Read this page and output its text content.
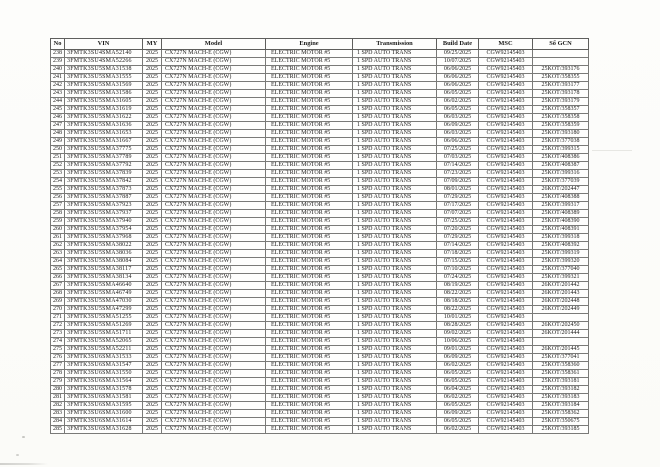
No	VIN	MY	Model	Engine	Transmission	Build Date	MSC	Số GCN
238	3FMTK3SU4SMA52140	2025	CX727N MACH-E (CGW)	ELECTRIC MOTOR #5	1 SPD AUTO TRANS	09/25/2025	CGW92145403	
239	3FMTK3SU4SMA52266	2025	CX727N MACH-E (CGW)	ELECTRIC MOTOR #5	1 SPD AUTO TRANS	10/07/2025	CGW92145403	
240	3FMTK3SU5SMA31538	2025	CX727N MACH-E (CGW)	ELECTRIC MOTOR #5	1 SPD AUTO TRANS	06/06/2025	CGW92145403	25KOT/393176
241	3FMTK3SU5SMA31555	2025	CX727N MACH-E (CGW)	ELECTRIC MOTOR #5	1 SPD AUTO TRANS	06/06/2025	CGW92145403	25KOT/358355
242	3FMTK3SU5SMA31569	2025	CX727N MACH-E (CGW)	ELECTRIC MOTOR #5	1 SPD AUTO TRANS	06/06/2025	CGW92145403	25KOT/393177
243	3FMTK3SU5SMA31586	2025	CX727N MACH-E (CGW)	ELECTRIC MOTOR #5	1 SPD AUTO TRANS	06/05/2025	CGW92145403	25KOT/393178
244	3FMTK3SU5SMA31605	2025	CX727N MACH-E (CGW)	ELECTRIC MOTOR #5	1 SPD AUTO TRANS	06/02/2025	CGW92145403	25KOT/393179
245	3FMTK3SU5SMA31619	2025	CX727N MACH-E (CGW)	ELECTRIC MOTOR #5	1 SPD AUTO TRANS	06/05/2025	CGW92145403	25KOT/358357
246	3FMTK3SU5SMA31622	2025	CX727N MACH-E (CGW)	ELECTRIC MOTOR #5	1 SPD AUTO TRANS	06/03/2025	CGW92145403	25KOT/358358
247	3FMTK3SU5SMA31636	2025	CX727N MACH-E (CGW)	ELECTRIC MOTOR #5	1 SPD AUTO TRANS	06/09/2025	CGW92145403	25KOT/358359
248	3FMTK3SU5SMA31653	2025	CX727N MACH-E (CGW)	ELECTRIC MOTOR #5	1 SPD AUTO TRANS	06/03/2025	CGW92145403	25KOT/393180
249	3FMTK3SU5SMA31667	2025	CX727N MACH-E (CGW)	ELECTRIC MOTOR #5	1 SPD AUTO TRANS	06/06/2025	CGW92145403	25KOT/377038
250	3FMTK3SU5SMA37775	2025	CX727N MACH-E (CGW)	ELECTRIC MOTOR #5	1 SPD AUTO TRANS	07/25/2025	CGW92145403	25KOT/399315
251	3FMTK3SU5SMA37789	2025	CX727N MACH-E (CGW)	ELECTRIC MOTOR #5	1 SPD AUTO TRANS	07/03/2025	CGW92145403	25KOT/408386
252	3FMTK3SU5SMA37792	2025	CX727N MACH-E (CGW)	ELECTRIC MOTOR #5	1 SPD AUTO TRANS	07/14/2025	CGW92145403	25KOT/408387
253	3FMTK3SU5SMA37839	2025	CX727N MACH-E (CGW)	ELECTRIC MOTOR #5	1 SPD AUTO TRANS	07/23/2025	CGW92145403	25KOT/399316
254	3FMTK3SU5SMA37842	2025	CX727N MACH-E (CGW)	ELECTRIC MOTOR #5	1 SPD AUTO TRANS	07/09/2025	CGW92145403	25KOT/377039
255	3FMTK3SU5SMA37873	2025	CX727N MACH-E (CGW)	ELECTRIC MOTOR #5	1 SPD AUTO TRANS	08/01/2025	CGW92145403	26KOT/202447
256	3FMTK3SU5SMA37887	2025	CX727N MACH-E (CGW)	ELECTRIC MOTOR #5	1 SPD AUTO TRANS	07/29/2025	CGW92145403	25KOT/408388
257	3FMTK3SU5SMA37923	2025	CX727N MACH-E (CGW)	ELECTRIC MOTOR #5	1 SPD AUTO TRANS	07/17/2025	CGW92145403	25KOT/399317
258	3FMTK3SU5SMA37937	2025	CX727N MACH-E (CGW)	ELECTRIC MOTOR #5	1 SPD AUTO TRANS	07/07/2025	CGW92145403	25KOT/408389
259	3FMTK3SU5SMA37940	2025	CX727N MACH-E (CGW)	ELECTRIC MOTOR #5	1 SPD AUTO TRANS	07/25/2025	CGW92145403	25KOT/408390
260	3FMTK3SU5SMA37954	2025	CX727N MACH-E (CGW)	ELECTRIC MOTOR #5	1 SPD AUTO TRANS	07/20/2025	CGW92145403	25KOT/408391
261	3FMTK3SU5SMA37968	2025	CX727N MACH-E (CGW)	ELECTRIC MOTOR #5	1 SPD AUTO TRANS	07/29/2025	CGW92145403	25KOT/399318
262	3FMTK3SU5SMA38022	2025	CX727N MACH-E (CGW)	ELECTRIC MOTOR #5	1 SPD AUTO TRANS	07/14/2025	CGW92145403	25KOT/408392
263	3FMTK3SU5SMA38036	2025	CX727N MACH-E (CGW)	ELECTRIC MOTOR #5	1 SPD AUTO TRANS	07/18/2025	CGW92145403	25KOT/399319
264	3FMTK3SU5SMA38084	2025	CX727N MACH-E (CGW)	ELECTRIC MOTOR #5	1 SPD AUTO TRANS	07/15/2025	CGW92145403	25KOT/399320
265	3FMTK3SU5SMA38117	2025	CX727N MACH-E (CGW)	ELECTRIC MOTOR #5	1 SPD AUTO TRANS	07/10/2025	CGW92145403	25KOT/377040
266	3FMTK3SU5SMA38134	2025	CX727N MACH-E (CGW)	ELECTRIC MOTOR #5	1 SPD AUTO TRANS	07/24/2025	CGW92145403	25KOT/399321
267	3FMTK3SU5SMA46640	2025	CX727N MACH-E (CGW)	ELECTRIC MOTOR #5	1 SPD AUTO TRANS	08/19/2025	CGW92145403	26KOT/201442
268	3FMTK3SU5SMA46749	2025	CX727N MACH-E (CGW)	ELECTRIC MOTOR #5	1 SPD AUTO TRANS	08/22/2025	CGW92145403	26KOT/201443
269	3FMTK3SU5SMA47030	2025	CX727N MACH-E (CGW)	ELECTRIC MOTOR #5	1 SPD AUTO TRANS	08/18/2025	CGW92145403	26KOT/202448
270	3FMTK3SU5SMA47299	2025	CX727N MACH-E (CGW)	ELECTRIC MOTOR #5	1 SPD AUTO TRANS	08/22/2025	CGW92145403	26KOT/202449
271	3FMTK3SU5SMA51255	2025	CX727N MACH-E (CGW)	ELECTRIC MOTOR #5	1 SPD AUTO TRANS	10/01/2025	CGW92145403	
272	3FMTK3SU5SMA51269	2025	CX727N MACH-E (CGW)	ELECTRIC MOTOR #5	1 SPD AUTO TRANS	08/28/2025	CGW92145403	26KOT/202450
273	3FMTK3SU5SMA51711	2025	CX727N MACH-E (CGW)	ELECTRIC MOTOR #5	1 SPD AUTO TRANS	09/02/2025	CGW92145403	26KOT/201444
274	3FMTK3SU5SMA52065	2025	CX727N MACH-E (CGW)	ELECTRIC MOTOR #5	1 SPD AUTO TRANS	10/06/2025	CGW92145403	
275	3FMTK3SU5SMA52211	2025	CX727N MACH-E (CGW)	ELECTRIC MOTOR #5	1 SPD AUTO TRANS	09/01/2025	CGW92145403	26KOT/201445
276	3FMTK3SU6SMA31533	2025	CX727N MACH-E (CGW)	ELECTRIC MOTOR #5	1 SPD AUTO TRANS	06/09/2025	CGW92145403	25KOT/377041
277	3FMTK3SU6SMA31547	2025	CX727N MACH-E (CGW)	ELECTRIC MOTOR #5	1 SPD AUTO TRANS	06/02/2025	CGW92145403	25KOT/358360
278	3FMTK3SU6SMA31550	2025	CX727N MACH-E (CGW)	ELECTRIC MOTOR #5	1 SPD AUTO TRANS	06/05/2025	CGW92145403	25KOT/358361
279	3FMTK3SU6SMA31564	2025	CX727N MACH-E (CGW)	ELECTRIC MOTOR #5	1 SPD AUTO TRANS	06/05/2025	CGW92145403	25KOT/393181
280	3FMTK3SU6SMA31578	2025	CX727N MACH-E (CGW)	ELECTRIC MOTOR #5	1 SPD AUTO TRANS	06/04/2025	CGW92145403	25KOT/393182
281	3FMTK3SU6SMA31581	2025	CX727N MACH-E (CGW)	ELECTRIC MOTOR #5	1 SPD AUTO TRANS	06/02/2025	CGW92145403	25KOT/393183
282	3FMTK3SU6SMA31595	2025	CX727N MACH-E (CGW)	ELECTRIC MOTOR #5	1 SPD AUTO TRANS	06/05/2025	CGW92145403	25KOT/393184
283	3FMTK3SU6SMA31600	2025	CX727N MACH-E (CGW)	ELECTRIC MOTOR #5	1 SPD AUTO TRANS	06/09/2025	CGW92145403	25KOT/358362
284	3FMTK3SU6SMA31614	2025	CX727N MACH-E (CGW)	ELECTRIC MOTOR #5	1 SPD AUTO TRANS	06/05/2025	CGW92145403	25KOT/350675
285	3FMTK3SU6SMA31628	2025	CX727N MACH-E (CGW)	ELECTRIC MOTOR #5	1 SPD AUTO TRANS	06/02/2025	CGW92145403	25KOT/393185
